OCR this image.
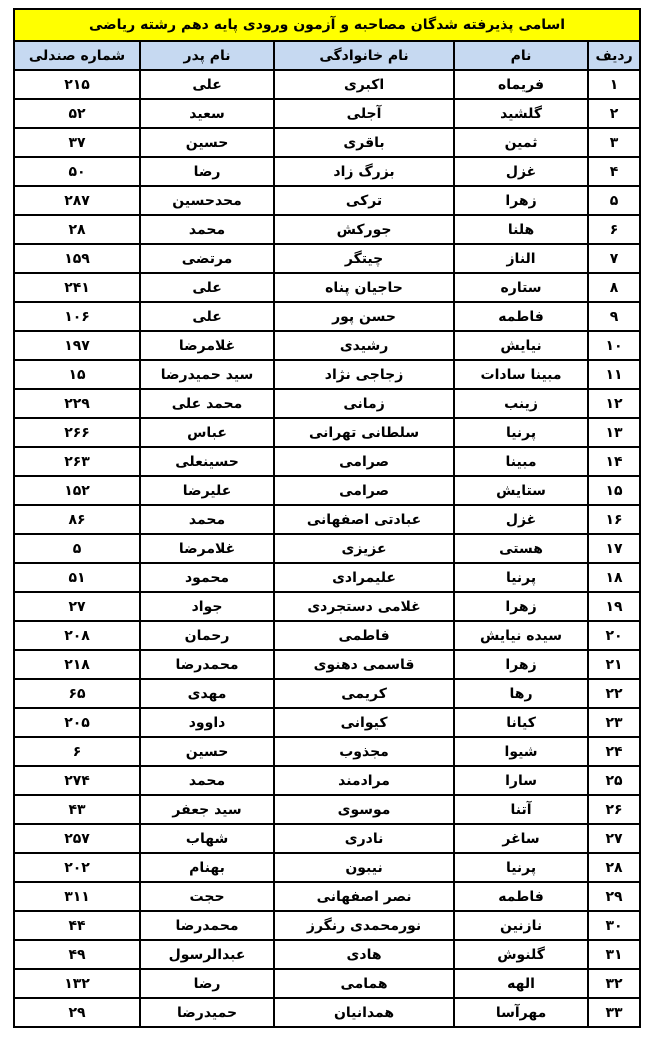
اسامی پذیرفته شدگان مصاحبه و آزمون ورودی پایه دهم رشته ریاضی				
ردیف	نام	نام خانوادگی	نام پدر	شماره صندلی
۱	فریماه	اکبری	علی	۲۱۵
۲	گلشید	آجلی	سعید	۵۲
۳	ثمین	باقری	حسین	۳۷
۴	غزل	بزرگ زاد	رضا	۵۰
۵	زهرا	ترکی	محدحسین	۲۸۷
۶	هلنا	جورکش	محمد	۲۸
۷	الناز	چیتگر	مرتضی	۱۵۹
۸	ستاره	حاجیان پناه	علی	۲۴۱
۹	فاطمه	حسن پور	علی	۱۰۶
۱۰	نیایش	رشیدی	غلامرضا	۱۹۷
۱۱	مبینا سادات	زجاجی نژاد	سید حمیدرضا	۱۵
۱۲	زینب	زمانی	محمد علی	۲۲۹
۱۳	پرنیا	سلطانی تهرانی	عباس	۲۶۶
۱۴	مبینا	صرامی	حسینعلی	۲۶۳
۱۵	ستایش	صرامی	علیرضا	۱۵۲
۱۶	غزل	عبادتی اصفهانی	محمد	۸۶
۱۷	هستی	عزیزی	غلامرضا	۵
۱۸	پرنیا	علیمرادی	محمود	۵۱
۱۹	زهرا	غلامی دستجردی	جواد	۲۷
۲۰	سیده نیایش	فاطمی	رحمان	۲۰۸
۲۱	زهرا	قاسمی دهنوی	محمدرضا	۲۱۸
۲۲	رها	کریمی	مهدی	۶۵
۲۳	کیانا	کیوانی	داوود	۲۰۵
۲۴	شیوا	مجذوب	حسین	۶
۲۵	سارا	مرادمند	محمد	۲۷۴
۲۶	آتنا	موسوی	سید جعفر	۴۳
۲۷	ساغر	نادری	شهاب	۲۵۷
۲۸	پرنیا	نیبون	بهنام	۲۰۲
۲۹	فاطمه	نصر اصفهانی	حجت	۳۱۱
۳۰	نازنین	نورمحمدی رنگرز	محمدرضا	۴۴
۳۱	گلنوش	هادی	عبدالرسول	۴۹
۳۲	الهه	همامی	رضا	۱۳۲
۳۳	مهرآسا	همدانیان	حمیدرضا	۲۹
